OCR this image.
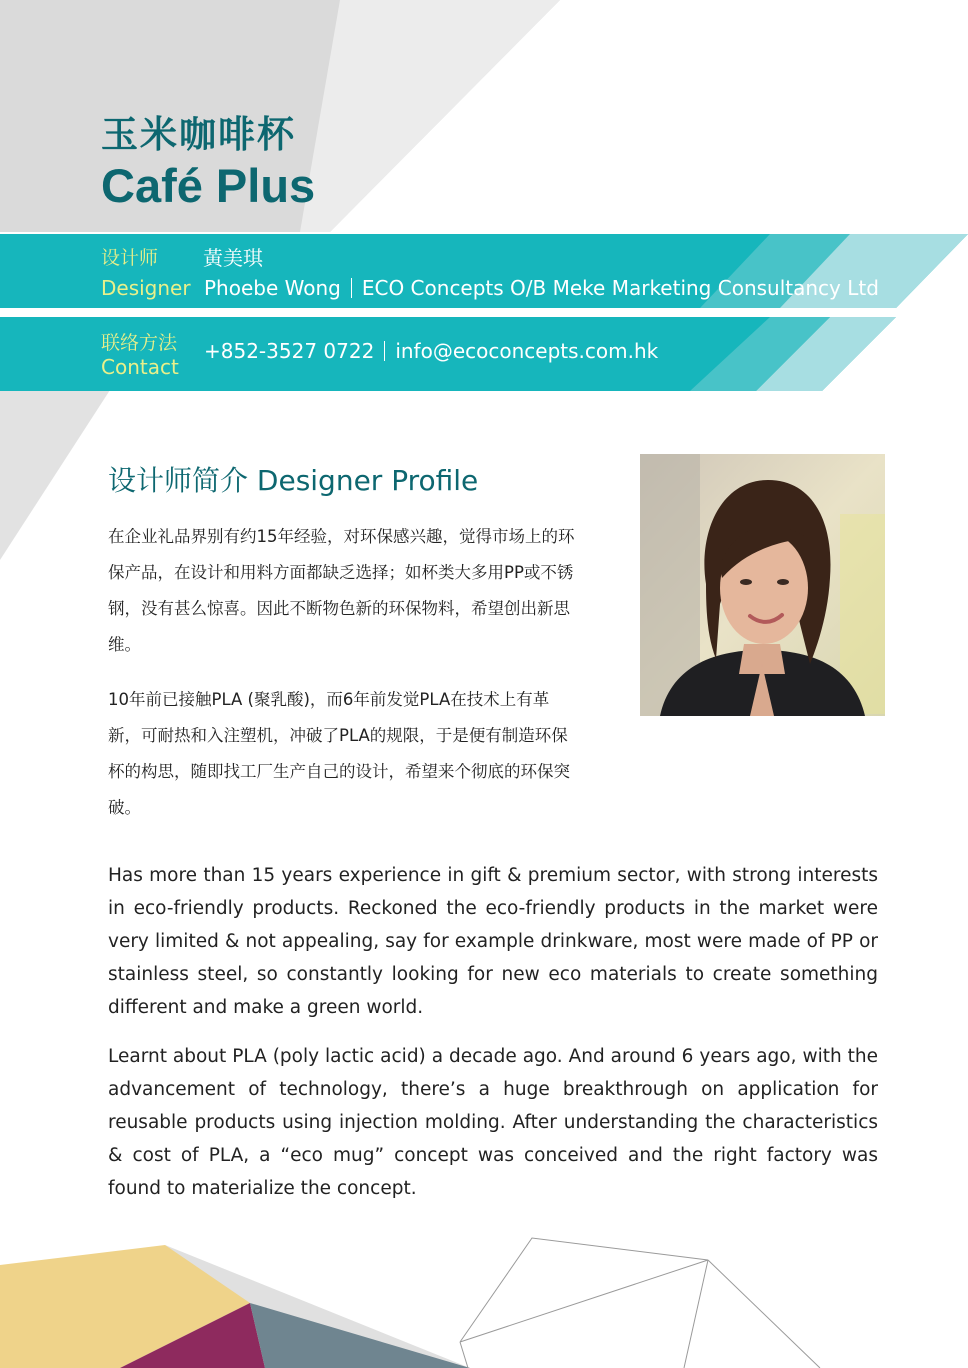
玉米咖啡杯
Café Plus
设计师 黃美琪
Designer Phoebe Wong ECO Concepts O/B Meke Marketing Consultancy Ltd
联络方法
Contact
+852-3527 0722 info@ecoconcepts.com.hk
设计师简介 Designer Profile

在企业礼品界别有约15年经验，对环保感兴趣，觉得市场上的环保产品，在设计和用料方面都缺乏选择；如杯类大多用PP或不锈钢，没有甚么惊喜。因此不断物色新的环保物料，希望创出新思维。

10年前已接触PLA (聚乳酸)，而6年前发觉PLA在技术上有革新，可耐热和入注塑机，冲破了PLA的规限，于是便有制造环保杯的构思，随即找工厂生产自己的设计，希望来个彻底的环保突破。

Has more than 15 years experience in gift & premium sector, with strong interests in eco-friendly products. Reckoned the eco-friendly products in the market were very limited & not appealing, say for example drinkware, most were made of PP or stainless steel, so constantly looking for new eco materials to create something different and make a green world.

Learnt about PLA (poly lactic acid) a decade ago. And around 6 years ago, with the advancement of technology, there’s a huge breakthrough on application for reusable products using injection molding. After understanding the characteristics & cost of PLA, a “eco mug” concept was conceived and the right factory was found to materialize the concept.
